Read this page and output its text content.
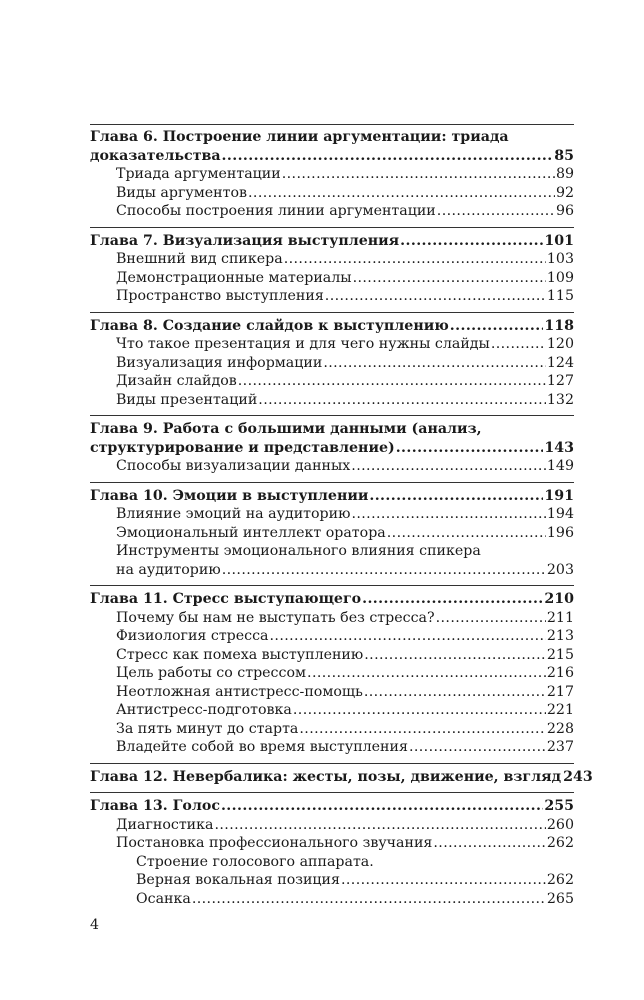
Глава 6. Построение линии аргументации: триада
доказательства .....	85
Триада аргументации .....	89
Виды аргументов .....	92
Способы построения линии аргументации .....	96
Глава 7. Визуализация выступления .....	101
Внешний вид спикера .....	103
Демонстрационные материалы .....	109
Пространство выступления .....	115
Глава 8. Создание слайдов к выступлению .....	118
Что такое презентация и для чего нужны слайды .....	120
Визуализация информации .....	124
Дизайн слайдов .....	127
Виды презентаций .....	132
Глава 9. Работа с большими данными (анализ,
структурирование и представление) .....	143
Способы визуализации данных .....	149
Глава 10. Эмоции в выступлении .....	191
Влияние эмоций на аудиторию .....	194
Эмоциональный интеллект оратора .....	196
Инструменты эмоционального влияния спикера
на аудиторию .....	203
Глава 11. Стресс выступающего .....	210
Почему бы нам не выступать без стресса? .....	211
Физиология стресса .....	213
Стресс как помеха выступлению .....	215
Цель работы со стрессом .....	216
Неотложная антистресс-помощь .....	217
Антистресс-подготовка .....	221
За пять минут до старта .....	228
Владейте собой во время выступления .....	237
Глава 12. Невербалика: жесты, позы, движение, взгляд 243
Глава 13. Голос .....	255
Диагностика .....	260
Постановка профессионального звучания .....	262
Строение голосового аппарата.
Верная вокальная позиция .....	262
Осанка .....	265
4
